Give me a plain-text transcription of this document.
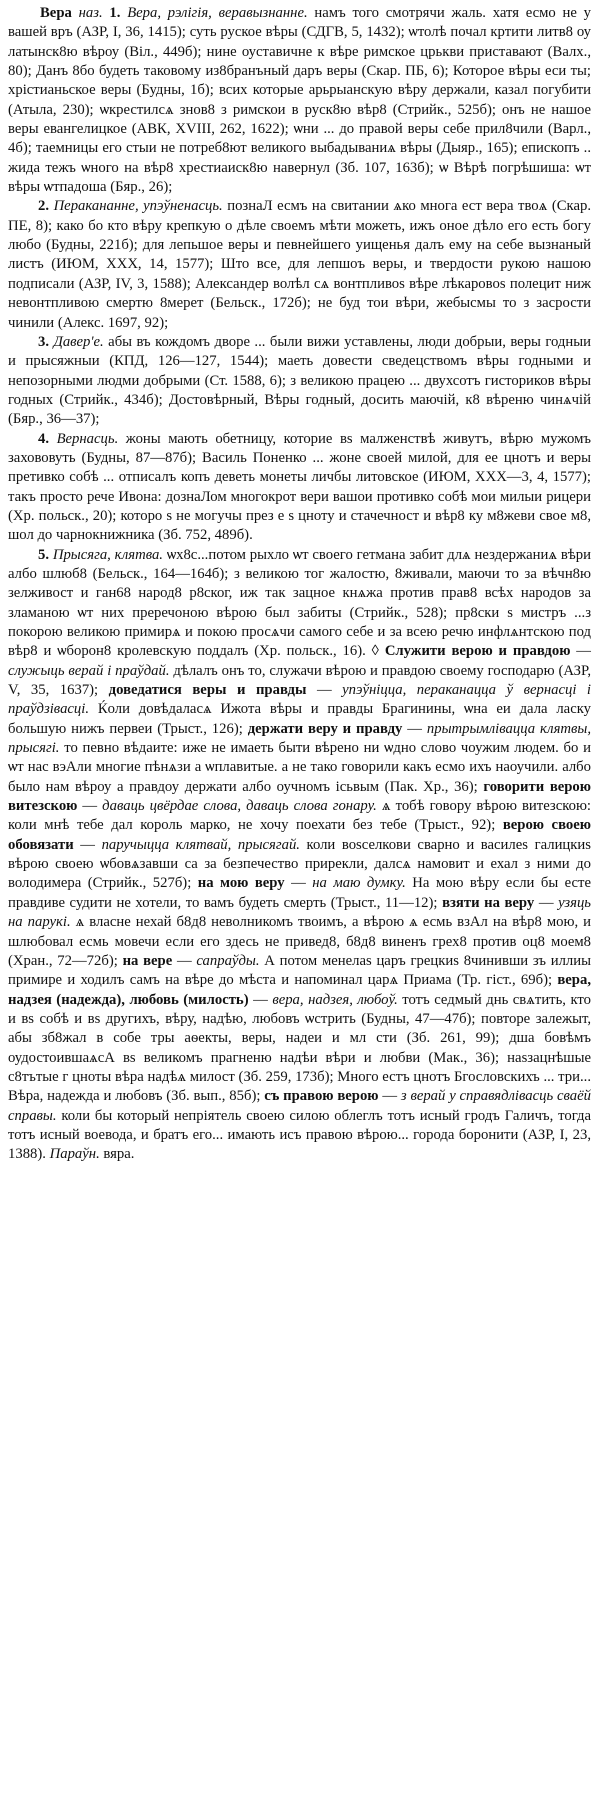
Вера наз. 1. Вера, рэлігія, веравызнанне. намъ того смотрячи жаль. хатя есмо не у вашей връ (АЗР, I, 36, 1415); суть руское вѣры (СДГВ, 5, 1432); ѡтолѣ почал кртити литв8 оу латынск8ю вѣроу (Віл., 449б); нине оуставичне к вѣре римское црькви приставают (Валх., 80); Данъ 8бо будеть таковому из8бранъный даръ веры (Скар. ПБ, 6); Которое вѣры еси ты; хрістианьское веры (Будны, 1б); всих которые арьрыанскую вѣру держали, казал погубити (Атыла, 230); ѡкрестилсѧ знов8 з римскои в руск8ю вѣр8 (Стрийк., 525б); онъ не нашое веры евангелицкое (АВК, XVIII, 262, 1622); ѡни ... до правой веры себе прил8чили (Варл., 4б); таемницы его стыи не потреб8ют великого выбадываниѧ вѣры (Дыяр., 165); епископъ .. жида тежъ ѡного на вѣр8 хрестиаиск8ю навернул (Зб. 107, 163б); ѡ Вѣрѣ погрѣшиша: ѡт вѣры ѡтпадоша (Бяр., 26);

2. Перакананне, упэўненасць. познаЛ есмъ на свитании ѧко многа ест вера твоѧ (Скар. ПЕ, 8); како бо кто вѣру крепкую о дѣле своемъ мѣти можеть, ижъ оное дѣло его есть богу любо (Будны, 221б); для лепьшое веры и певнейшего уищенья далъ ему на себе вызнаный листъ (ИЮМ, XXX, 14, 1577); Што все, для лепшоъ веры, и твердости рукою нашою подписали (АЗР, IV, 3, 1588); Александер волѣл сѧ вонтпливоs вѣре лѣкаровоs полецит ниж невонтпливою смертю 8мерет (Бельск., 172б); не буд тои вѣри, жебысмы то з засрости чинили (Алекс. 1697, 92);

3. Давер'е. абы въ кождомъ дворе ... были вижи уставлены, люди добрыи, веры годныи и прысяжныи (КПД, 126—127, 1544); маеть довести сведецствомъ вѣры годными и непозорными людми добрыми (Ст. 1588, 6); з великою працею ... двухсотъ гисториков вѣры годных (Стрийк., 434б); Достовѣрный, Вѣры годный, досить маючій, к8 вѣреню чинѧчій (Бяр., 36—37);

4. Вернасць. жоны мають обетницу, которие вs малженствѣ живутъ, вѣрю мужомъ захововуть (Будны, 87—87б); Василь Поненко ... жоне своей милой, для ее цнотъ и веры претивко собѣ ... отписалъ копъ деветь монеты личбы литовское (ИЮМ, XXX—3, 4, 1577); такъ просто рече Ивона: дознаЛом многокрот вери вашои противко собѣ мои милыи рицери (Хр. польск., 20); которо s не могучы през е s цноту и стачечност и вѣр8 ку м8жеви свое м8, шол до чарнокнижника (Зб. 752, 489б).

5. Прысяга, клятва. ѡх8с...потом рыхло ѡт своего гетмана забит длѧ нездержаниѧ вѣри албо шлюб8 (Бельск., 164—164б); з великою тог жалостю, 8живали, маючи то за вѣчн8ю зелживост и ган68 народ8 р8ског, иж так зацное кнѧжа против прав8 всѣх народов за зламаною ѡт них преречоною вѣрою был забиты (Стрийк., 528); пр8ски s мистръ ...з покорою великою примирѧ и покою просѧчи самого себе и за всею речю инфлѧнтскою под вѣр8 и ѡборон8 кролевскую поддалъ (Хр. польск., 16). ◊ Служити верою и правдою — служыць верай і праўдай. дѣлалъ онъ то, служачи вѣрою и правдою своему господарю (АЗР, V, 35, 1637); доведатися веры и правды — упэўніцца, пераканацца ў вернасці і праўдзівасці. Ќоли довѣдаласѧ Ижота вѣры и правды Брагинины, ѡна еи дала ласку большую нижъ первеи (Трыст., 126); держати веру и правду — прытрымлівацца клятвы, прысягі. то певно вѣдаите: иже не имаеть быти вѣрено ни ѡдно слово чоужим людем. бо и ѡт нас вэАли многие пѣнѧзи а ѡплавитые. а не тако говорили какъ есмо ихъ наоучили. албо было нам вѣроу а правдоу держати албо оучномъ ісьвым (Пак. Хр., 36); говорити верою витезскою — даваць цвёрдае слова, даваць слова гонару. ѧ тобѣ говору вѣрою витезскою: коли мнѣ тебе дал король марко, не хочу поехати без тебе (Трыст., 92); верою своею обовязати — паручыцца клятвай, прысягай. коли воsселкови сварно и василеs галицкиs вѣрою своею ѡбовѧзавши са за безпечество прирекли, далсѧ намовит и ехал з ними до володимера (Стрийк., 527б); на мою веру — на маю думку. На мою вѣру если бы есте правдиве судити не хотели, то вамъ будеть смерть (Трыст., 11—12); взяти на веру — узяць на парукі. ѧ власне нехай б8д8 неволникомъ твоимъ, а вѣрою ѧ есмь взАл на вѣр8 мою, и шлюбовал есмь мовечи если его здесь не привед8, б8д8 виненъ грех8 против оц8 моем8 (Хран., 72—72б); на вере — сапраўды. А потом менелаs царъ грецкиs 8чинивши зъ иллиы примире и ходилъ самъ на вѣре до мѣста и напоминал царѧ Приама (Тр. гіст., 69б); вера, надзея (надежда), любовь (милость) — вера, надзея, любоў. тотъ седмый днь свѧтить, кто и вs собѣ и вs другихъ, вѣру, надѣю, любовъ ѡстрить (Будны, 47—47б); повтоpe залежыт, абы зб8жал в собе тры аѳекты, веры, надеи и мл сти (Зб. 261, 99); дша бовѣмъ оудостоившаѧсА вs великомъ прагненю надѣи вѣри и любви (Мак., 36); наsзацнѣшые с8тътые г цноты вѣра надѣѧ милост (Зб. 259, 173б); Много естъ цнотъ Бгословскихъ ... три... Вѣра, надежда и любовъ (Зб. вып., 85б); съ правою верою — з верай у справядлівасць сваёй справы. коли бы который непріятель своею силою облеглъ тотъ исный гродъ Галичъ, тогда тотъ исный воевода, и братъ его... имають исъ правою вѣрою... города боронити (АЗР, I, 23, 1388). Параўн. вяра.
